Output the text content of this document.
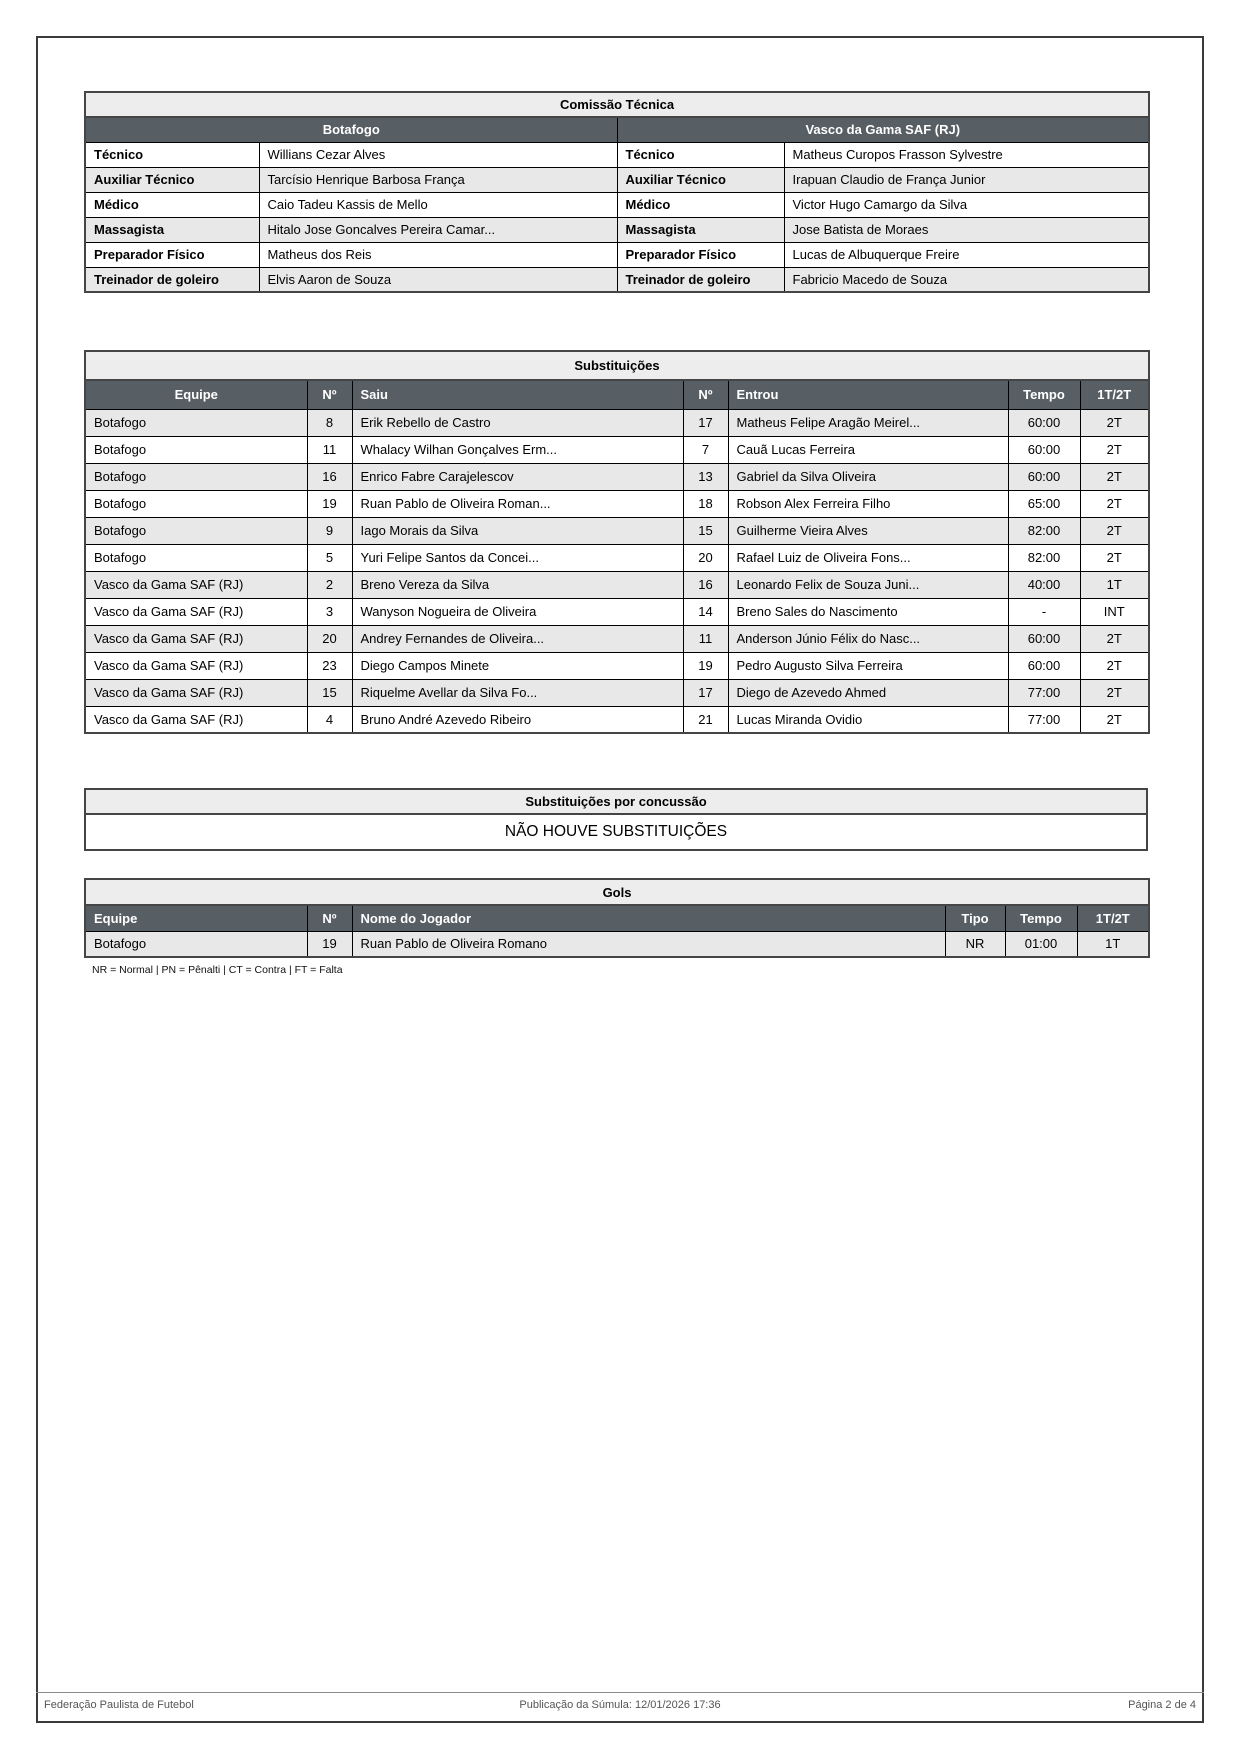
Comissão Técnica			
Botafogo		Vasco da Gama SAF (RJ)	
Técnico	Willians Cezar Alves	Técnico	Matheus Curopos Frasson Sylvestre
Auxiliar Técnico	Tarcísio Henrique Barbosa França	Auxiliar Técnico	Irapuan Claudio de França Junior
Médico	Caio Tadeu Kassis de Mello	Médico	Victor Hugo Camargo da Silva
Massagista	Hitalo Jose Goncalves Pereira Camar...	Massagista	Jose Batista de Moraes
Preparador Físico	Matheus dos Reis	Preparador Físico	Lucas de Albuquerque Freire
Treinador de goleiro	Elvis Aaron de Souza	Treinador de goleiro	Fabricio Macedo de Souza
Substituições						
Equipe	Nº	Saiu	Nº	Entrou	Tempo	1T/2T
Botafogo	8	Erik Rebello de Castro	17	Matheus Felipe Aragão Meirel...	60:00	2T
Botafogo	11	Whalacy Wilhan Gonçalves Erm...	7	Cauã Lucas Ferreira	60:00	2T
Botafogo	16	Enrico Fabre Carajelescov	13	Gabriel da Silva Oliveira	60:00	2T
Botafogo	19	Ruan Pablo de Oliveira Roman...	18	Robson Alex Ferreira Filho	65:00	2T
Botafogo	9	Iago Morais da Silva	15	Guilherme Vieira Alves	82:00	2T
Botafogo	5	Yuri Felipe Santos da Concei...	20	Rafael Luiz de Oliveira Fons...	82:00	2T
Vasco da Gama SAF (RJ)	2	Breno Vereza da Silva	16	Leonardo Felix de Souza Juni...	40:00	1T
Vasco da Gama SAF (RJ)	3	Wanyson Nogueira de Oliveira	14	Breno Sales do Nascimento	-	INT
Vasco da Gama SAF (RJ)	20	Andrey Fernandes de Oliveira...	11	Anderson Júnio Félix do Nasc...	60:00	2T
Vasco da Gama SAF (RJ)	23	Diego Campos Minete	19	Pedro Augusto Silva Ferreira	60:00	2T
Vasco da Gama SAF (RJ)	15	Riquelme Avellar da Silva Fo...	17	Diego de Azevedo Ahmed	77:00	2T
Vasco da Gama SAF (RJ)	4	Bruno André Azevedo Ribeiro	21	Lucas Miranda Ovidio	77:00	2T
Substituições por concussão
NÃO HOUVE SUBSTITUIÇÕES
Gols					
Equipe	Nº	Nome do Jogador	Tipo	Tempo	1T/2T
Botafogo	19	Ruan Pablo de Oliveira Romano	NR	01:00	1T
NR = Normal | PN = Pênalti | CT = Contra | FT = Falta
Federação Paulista de Futebol	Publicação da Súmula: 12/01/2026 17:36	Página 2 de 4
